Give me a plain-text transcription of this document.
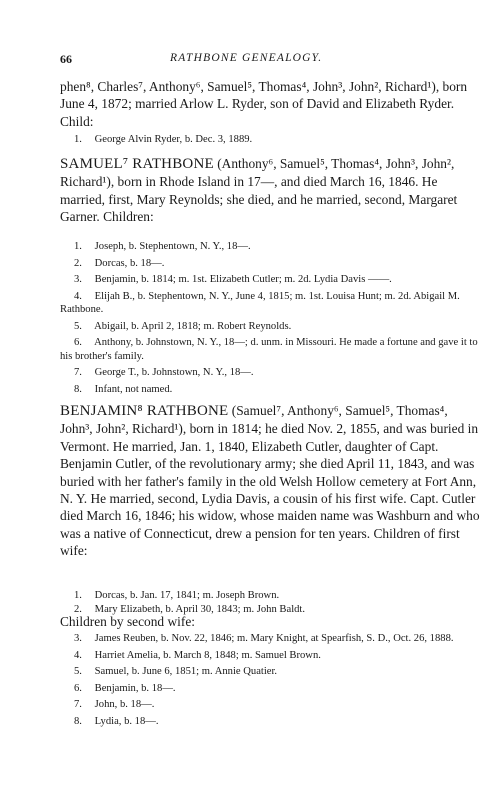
66	RATHBONE GENEALOGY.

phen⁸, Charles⁷, Anthony⁶, Samuel⁵, Thomas⁴, John³, John², Richard¹), born June 4, 1872; married Arlow L. Ryder, son of David and Elizabeth Ryder. Child:

1. George Alvin Ryder, b. Dec. 3, 1889.

SAMUEL⁷ RATHBONE (Anthony⁶, Samuel⁵, Thomas⁴, John³, John², Richard¹), born in Rhode Island in 17—, and died March 16, 1846. He married, first, Mary Reynolds; she died, and he married, second, Margaret Garner. Children:

1. Joseph, b. Stephentown, N. Y., 18—.
2. Dorcas, b. 18—.
3. Benjamin, b. 1814; m. 1st. Elizabeth Cutler; m. 2d. Lydia Davis ——.
4. Elijah B., b. Stephentown, N. Y., June 4, 1815; m. 1st. Louisa Hunt; m. 2d. Abigail M. Rathbone.
5. Abigail, b. April 2, 1818; m. Robert Reynolds.
6. Anthony, b. Johnstown, N. Y., 18—; d. unm. in Missouri. He made a fortune and gave it to his brother's family.
7. George T., b. Johnstown, N. Y., 18—.
8. Infant, not named.

BENJAMIN⁸ RATHBONE (Samuel⁷, Anthony⁶, Samuel⁵, Thomas⁴, John³, John², Richard¹), born in 1814; he died Nov. 2, 1855, and was buried in Vermont. He married, Jan. 1, 1840, Elizabeth Cutler, daughter of Capt. Benjamin Cutler, of the revolutionary army; she died April 11, 1843, and was buried with her father's family in the old Welsh Hollow cemetery at Fort Ann, N. Y. He married, second, Lydia Davis, a cousin of his first wife. Capt. Cutler died March 16, 1846; his widow, whose maiden name was Washburn and who was a native of Connecticut, drew a pension for ten years. Children of first wife:

1. Dorcas, b. Jan. 17, 1841; m. Joseph Brown.
2. Mary Elizabeth, b. April 30, 1843; m. John Baldt.
Children by second wife:
3. James Reuben, b. Nov. 22, 1846; m. Mary Knight, at Spearfish, S. D., Oct. 26, 1888.
4. Harriet Amelia, b. March 8, 1848; m. Samuel Brown.
5. Samuel, b. June 6, 1851; m. Annie Quatier.
6. Benjamin, b. 18—.
7. John, b. 18—.
8. Lydia, b. 18—.
